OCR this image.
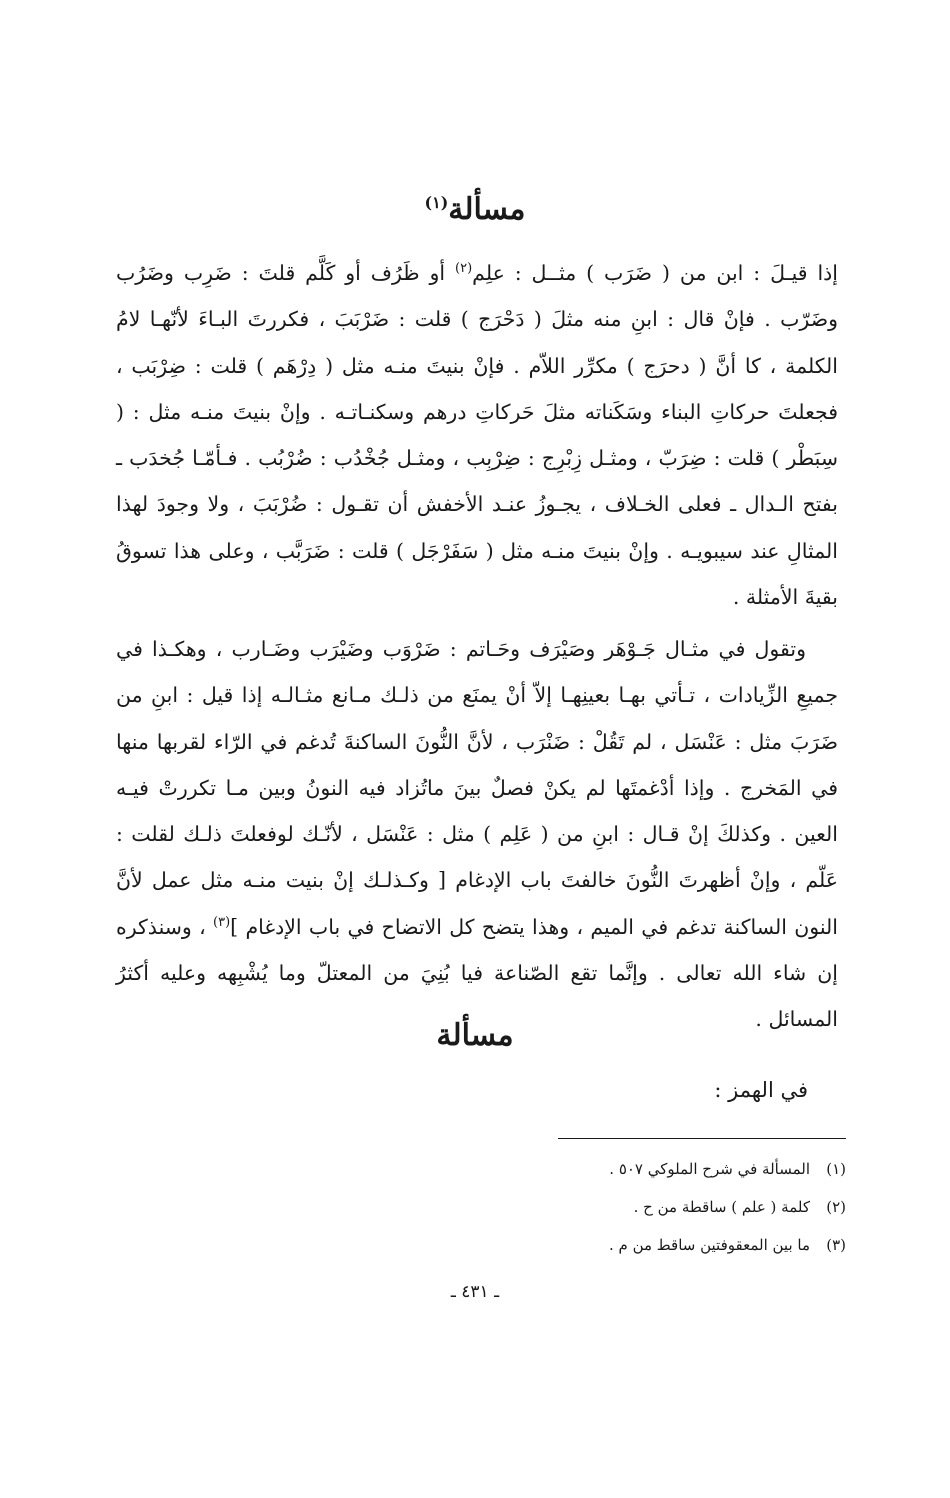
مسألة$^{(١)}$

إذا قيـلَ : ابن من ( ضَرَب ) مثــل : علِم$^{(٢)}$ أو ظَرُف أو كَلَّم قلتَ : ضَرِب وضَرُب وضَرّب . فإنْ قال : ابنِ منه مثلَ ( دَحْرَج ) قلت : ضَرْبَبَ ، فكررتَ البـاءَ لأنّهـا لامُ الكلمة ، كا أنَّ ( دحرَج ) مكرِّر اللاّم . فإنْ بنيتَ منـه مثل ( دِرْهَم ) قلت : ضِرْبَب ، فجعلتَ حركاتِ البناء وسَكَناته مثلَ حَركاتِ درهم وسكنـاتـه . وإنْ بنيتَ منـه مثل : ( سِبَطْر ) قلت : ضِرَبّ ، ومثـل زِبْرِج : ضِرْبِب ، ومثـل جُخْدُب : ضُرْبُب . فـأمّـا جُخدَب ـ بفتح الـدال ـ فعلى الخـلاف ، يجـوزُ عنـد الأخفش أن تقـول : ضُرْبَبَ ، ولا وجودَ لهذا المثالِ عند سيبويـه . وإنْ بنيتَ منـه مثل ( سَفَرْجَل ) قلت : ضَرَبَّب ، وعلى هذا تسوقُ بقيةَ الأمثلة .

وتقول في مثـال جَـوْهَر وصَيْرَف وحَـاتم : ضَرْوَب وضَيْرَب وضَـارب ، وهكـذا في جميعِ الزِّيادات ، تـأتي بهـا بعينِهـا إلاّ أنْ يمنَع من ذلـك مـانع مثـالـه إذا قيل : ابنِ من ضَرَبَ مثل : عَنْسَل ، لم تَقُلْ : ضَنْرَب ، لأنَّ النُّونَ الساكنةَ تُدغم في الرّاء لقربها منها في المَخرج . وإذا أدْغمتَها لم يكنْ فصلٌ بينَ ماتُزاد فيه النونُ وبين مـا تكررتْ فيـه العين . وكذلكَ إنْ قـال : ابنِ من ( عَلِم ) مثل : عَنْسَل ، لأنّـك لوفعلتَ ذلـك لقلت : عَلّم ، وإنْ أظهرتَ النُّونَ خالفتَ باب الإدغام [ وكـذلـك إنْ بنيت منـه مثل عمل لأنَّ النون الساكنة تدغم في الميم ، وهذا يتضح كل الاتضاح في باب الإدغام ]$^{(٣)}$ ، وسنذكره إن شاء الله تعالى . وإنَّما تقع الصّناعة فيا بُنِيَ من المعتلّ وما يُشْبِهه وعليه أكثرُ المسائل .

مسألة

في الهمز :

(١)
المسألة في شرح الملوكي ٥٠٧ .
(٢)
كلمة ( علم ) ساقطة من ح .
(٣)
ما بين المعقوفتين ساقط من م .
ـ ٤٣١ ـ
